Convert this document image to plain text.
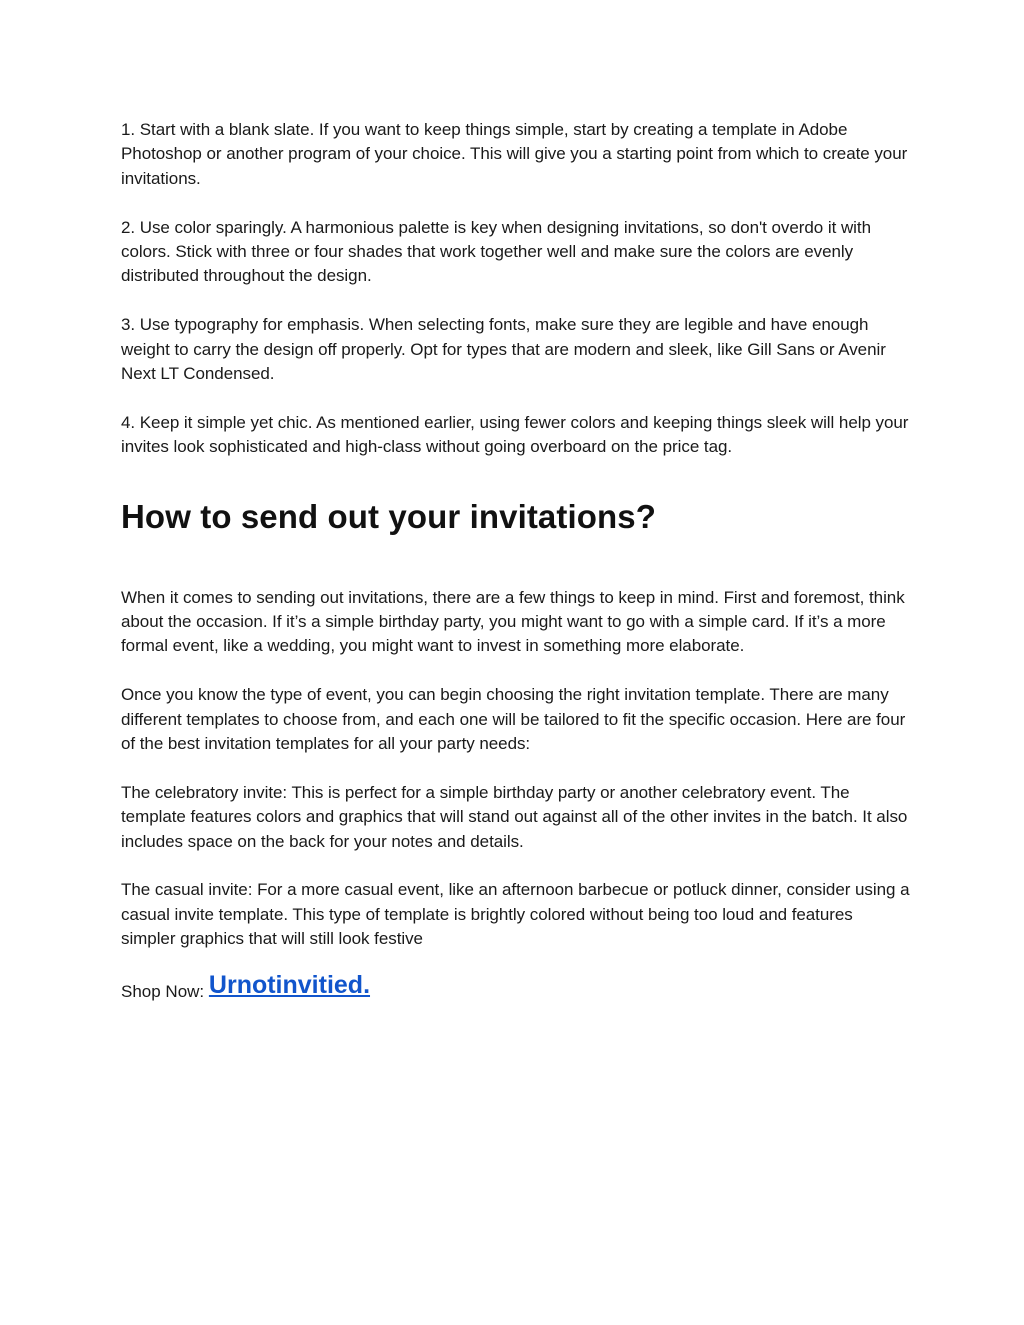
1. Start with a blank slate. If you want to keep things simple, start by creating a template in Adobe Photoshop or another program of your choice. This will give you a starting point from which to create your invitations.

2. Use color sparingly. A harmonious palette is key when designing invitations, so don't overdo it with colors. Stick with three or four shades that work together well and make sure the colors are evenly distributed throughout the design.

3. Use typography for emphasis. When selecting fonts, make sure they are legible and have enough weight to carry the design off properly. Opt for types that are modern and sleek, like Gill Sans or Avenir Next LT Condensed.

4. Keep it simple yet chic. As mentioned earlier, using fewer colors and keeping things sleek will help your invites look sophisticated and high-class without going overboard on the price tag.

How to send out your invitations?

When it comes to sending out invitations, there are a few things to keep in mind. First and foremost, think about the occasion. If it’s a simple birthday party, you might want to go with a simple card. If it’s a more formal event, like a wedding, you might want to invest in something more elaborate.

Once you know the type of event, you can begin choosing the right invitation template. There are many different templates to choose from, and each one will be tailored to fit the specific occasion. Here are four of the best invitation templates for all your party needs:

The celebratory invite: This is perfect for a simple birthday party or another celebratory event. The template features colors and graphics that will stand out against all of the other invites in the batch. It also includes space on the back for your notes and details.

The casual invite: For a more casual event, like an afternoon barbecue or potluck dinner, consider using a casual invite template. This type of template is brightly colored without being too loud and features simpler graphics that will still look festive

Shop Now: Urnotinvitied.
